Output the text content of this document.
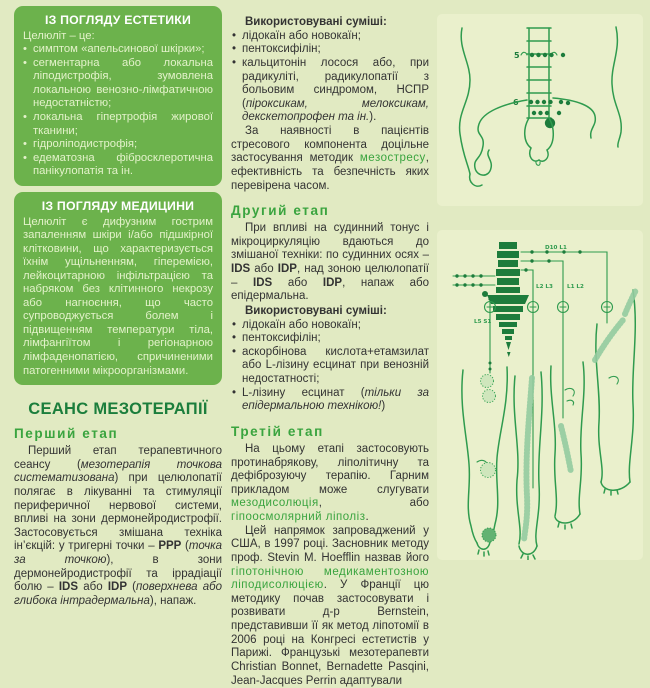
ІЗ ПОГЛЯДУ ЕСТЕТИКИ

Целюліт – це:

• симптом «апельсинової шкірки»;
• сегментарна або локальна ліподистрофія, зумовлена локальною венозно-лімфатичною недостатністю;
• локальна гіпертрофія жирової тканини;
• гідроліподистрофія;
• едематозна фібросклеротична панікулопатія та ін.
ІЗ ПОГЛЯДУ МЕДИЦИНИ

Целюліт є дифузним гострим запаленням шкіри і/або підшкірної клітковини, що характеризується їхнім ущільненням, гіперемією, лейкоцитарною інфільтрацією та набряком без клітинного некрозу або нагноєння, що часто супроводжується болем і підвищенням температури тіла, лімфангіїтом і регіонарною лімфаденопатією, спричиненими патогенними мікроорганізмами.

СЕАНС МЕЗОТЕРАПІЇ
Перший етап

Перший етап терапевтичного сеансу (мезотерапія точкова систематизована) при целюлопатії полягає в лікуванні та стимуляції периферичної нервової системи, впливі на зони дермонейродистрофії. Застосовується змішана техніка ін’єкцій: у тригерні точки – PPP (точка за точкою), в зони дермонейродистрофії та іррадіації болю – IDS або IDP (поверхнева або глибока інтрадермальна), напаж.

Використовувані суміші:
• лідокаїн або новокаїн;
• пентоксифілін;
• кальцитонін лосося або, при радикуліті, радикулопатії з больовим синдромом, НСПР (піроксикам, мелоксикам, декскетопрофен та ін.).

За наявності в пацієнтів стресового компонента доцільне застосування методик мезостресу, ефективність та безпечність яких перевірена часом.

Другий етап

При впливі на судинний тонус і мікроциркуляцію вдаються до змішаної техніки: по судинних осях – IDS або IDP, над зоною целюлопатії – IDS або IDP, напаж або епідермальна.

Використовувані суміші:
• лідокаїн або новокаїн;
• пентоксифілін;
• аскорбінова кислота+етамзилат або L-лізину есцинат при венозній недостатності;
• L-лізину есцинат (тільки за епідермальною технікою!)
Третій етап

На цьому етапі застосовують протинабрякову, ліполітичну та дефіброзуючу терапію. Гарним прикладом може слугувати мезодисолюція, або гіпоосмолярний ліполіз.

Цей напрямок запроваджений у США, в 1997 році. Засновник методу проф. Stevin M. Hoefflin назвав його гіпотонічною медикаментозною ліподисолюцією. У Франції цю методику почав застосовувати і розвивати д-р Bernstein, представивши її як метод ліпотомії в 2006 році на Конгресі естетистів у Парижі. Французькі мезотерапевти Christian Bonnet, Bernadette Pasqini, Jean-Jacques Perrin адаптували

5
6
D10 L1
L2 L3	L1 L2
L5 S1
